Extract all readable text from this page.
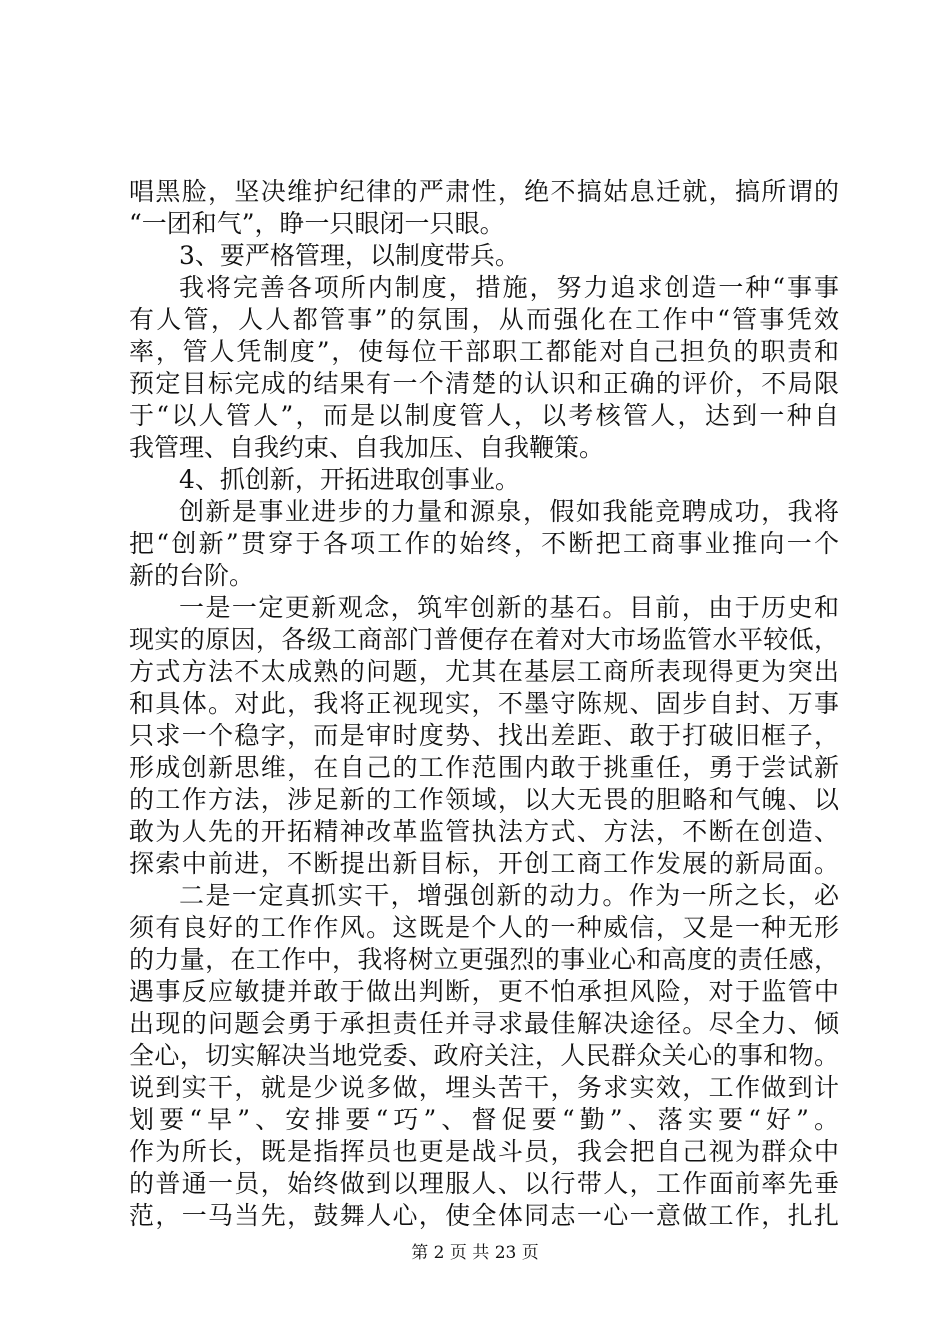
唱黑脸，坚决维护纪律的严肃性，绝不搞姑息迁就，搞所谓的
“一团和气”，睁一只眼闭一只眼。
3、要严格管理，以制度带兵。
我将完善各项所内制度，措施，努力追求创造一种“事事
有人管，人人都管事”的氛围，从而强化在工作中“管事凭效
率，管人凭制度”，使每位干部职工都能对自己担负的职责和
预定目标完成的结果有一个清楚的认识和正确的评价，不局限
于“以人管人”，而是以制度管人，以考核管人，达到一种自
我管理、自我约束、自我加压、自我鞭策。
4、抓创新，开拓进取创事业。
创新是事业进步的力量和源泉，假如我能竞聘成功，我将
把“创新”贯穿于各项工作的始终，不断把工商事业推向一个
新的台阶。
一是一定更新观念，筑牢创新的基石。目前，由于历史和
现实的原因，各级工商部门普便存在着对大市场监管水平较低，
方式方法不太成熟的问题，尤其在基层工商所表现得更为突出
和具体。对此，我将正视现实，不墨守陈规、固步自封、万事
只求一个稳字，而是审时度势、找出差距、敢于打破旧框子，
形成创新思维，在自己的工作范围内敢于挑重任，勇于尝试新
的工作方法，涉足新的工作领域，以大无畏的胆略和气魄、以
敢为人先的开拓精神改革监管执法方式、方法，不断在创造、
探索中前进，不断提出新目标，开创工商工作发展的新局面。
二是一定真抓实干，增强创新的动力。作为一所之长，必
须有良好的工作作风。这既是个人的一种威信，又是一种无形
的力量，在工作中，我将树立更强烈的事业心和高度的责任感，
遇事反应敏捷并敢于做出判断，更不怕承担风险，对于监管中
出现的问题会勇于承担责任并寻求最佳解决途径。尽全力、倾
全心，切实解决当地党委、政府关注，人民群众关心的事和物。
说到实干，就是少说多做，埋头苦干，务求实效，工作做到计
划要“早”、安排要“巧”、督促要“勤”、落实要“好”。
作为所长，既是指挥员也更是战斗员，我会把自己视为群众中
的普通一员，始终做到以理服人、以行带人，工作面前率先垂
范，一马当先，鼓舞人心，使全体同志一心一意做工作，扎扎
第 2 页 共 23 页
